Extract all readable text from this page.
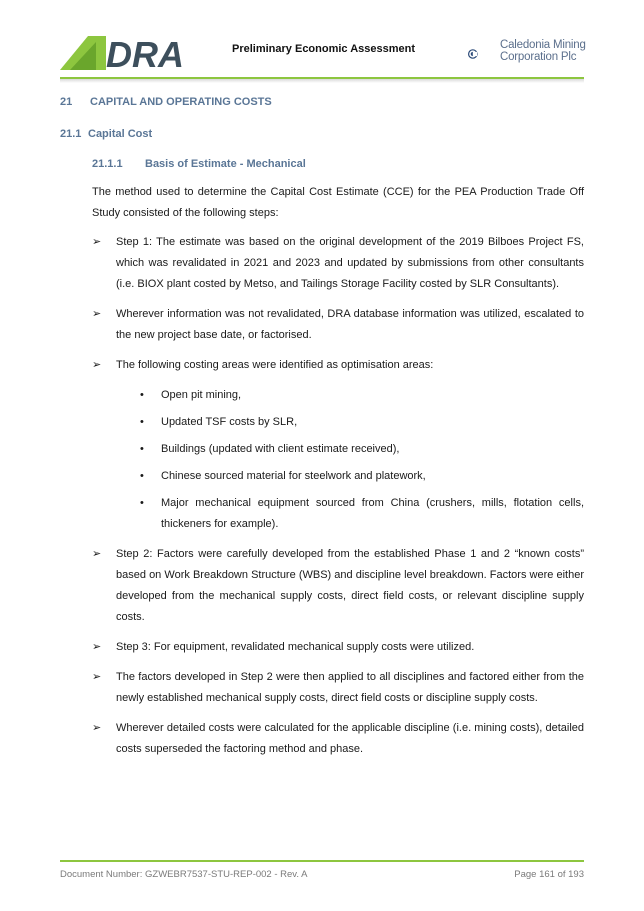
DRA	Preliminary Economic Assessment	Caledonia Mining
Corporation Plc
21 CAPITAL AND OPERATING COSTS
21.1 Capital Cost
21.1.1 Basis of Estimate - Mechanical
The method used to determine the Capital Cost Estimate (CCE) for the PEA Production Trade Off Study consisted of the following steps:
➢ Step 1: The estimate was based on the original development of the 2019 Bilboes Project FS, which was revalidated in 2021 and 2023 and updated by submissions from other consultants (i.e. BIOX plant costed by Metso, and Tailings Storage Facility costed by SLR Consultants).
➢ Wherever information was not revalidated, DRA database information was utilized, escalated to the new project base date, or factorised.
➢ The following costing areas were identified as optimisation areas:
• Open pit mining,
• Updated TSF costs by SLR,
• Buildings (updated with client estimate received),
• Chinese sourced material for steelwork and platework,
• Major mechanical equipment sourced from China (crushers, mills, flotation cells, thickeners for example).
➢ Step 2: Factors were carefully developed from the established Phase 1 and 2 “known costs” based on Work Breakdown Structure (WBS) and discipline level breakdown. Factors were either developed from the mechanical supply costs, direct field costs, or relevant discipline supply costs.
➢ Step 3: For equipment, revalidated mechanical supply costs were utilized.
➢ The factors developed in Step 2 were then applied to all disciplines and factored either from the newly established mechanical supply costs, direct field costs or discipline supply costs.
➢ Wherever detailed costs were calculated for the applicable discipline (i.e. mining costs), detailed costs superseded the factoring method and phase.
Document Number: GZWEBR7537-STU-REP-002 - Rev. A	Page 161 of 193
